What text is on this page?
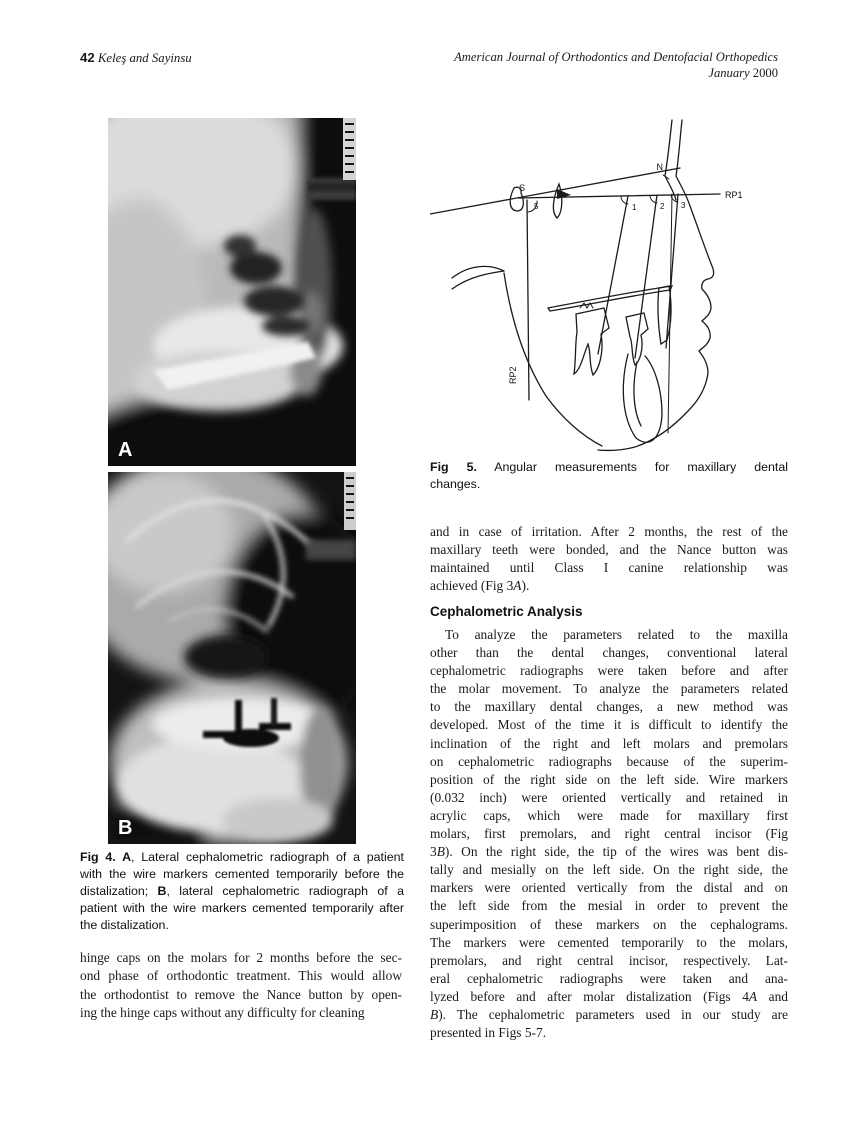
42 Keleş and Sayinsu	American Journal of Orthodontics and Dentofacial Orthopedics
January 2000
A
B
S
5
N
RP1
RP2
1	2 3
Fig 5. Angular measurements for maxillary dental
changes.
Fig 4. A, Lateral cephalometric radiograph of a patient
with the wire markers cemented temporarily before the
distalization; B, lateral cephalometric radiograph of a
patient with the wire markers cemented temporarily after
the distalization.
hinge caps on the molars for 2 months before the sec-
ond phase of orthodontic treatment. This would allow
the orthodontist to remove the Nance button by open-
ing the hinge caps without any difficulty for cleaning
and in case of irritation. After 2 months, the rest of the
maxillary teeth were bonded, and the Nance button was
maintained until Class I canine relationship was
achieved (Fig 3A).
Cephalometric Analysis
To analyze the parameters related to the maxilla
other than the dental changes, conventional lateral
cephalometric radiographs were taken before and after
the molar movement. To analyze the parameters related
to the maxillary dental changes, a new method was
developed. Most of the time it is difficult to identify the
inclination of the right and left molars and premolars
on cephalometric radiographs because of the superim-
position of the right side on the left side. Wire markers
(0.032 inch) were oriented vertically and retained in
acrylic caps, which were made for maxillary first
molars, first premolars, and right central incisor (Fig
3B). On the right side, the tip of the wires was bent dis-
tally and mesially on the left side. On the right side, the
markers were oriented vertically from the distal and on
the left side from the mesial in order to prevent the
superimposition of these markers on the cephalograms.
The markers were cemented temporarily to the molars,
premolars, and right central incisor, respectively. Lat-
eral cephalometric radiographs were taken and ana-
lyzed before and after molar distalization (Figs 4A and
B). The cephalometric parameters used in our study are
presented in Figs 5-7.
